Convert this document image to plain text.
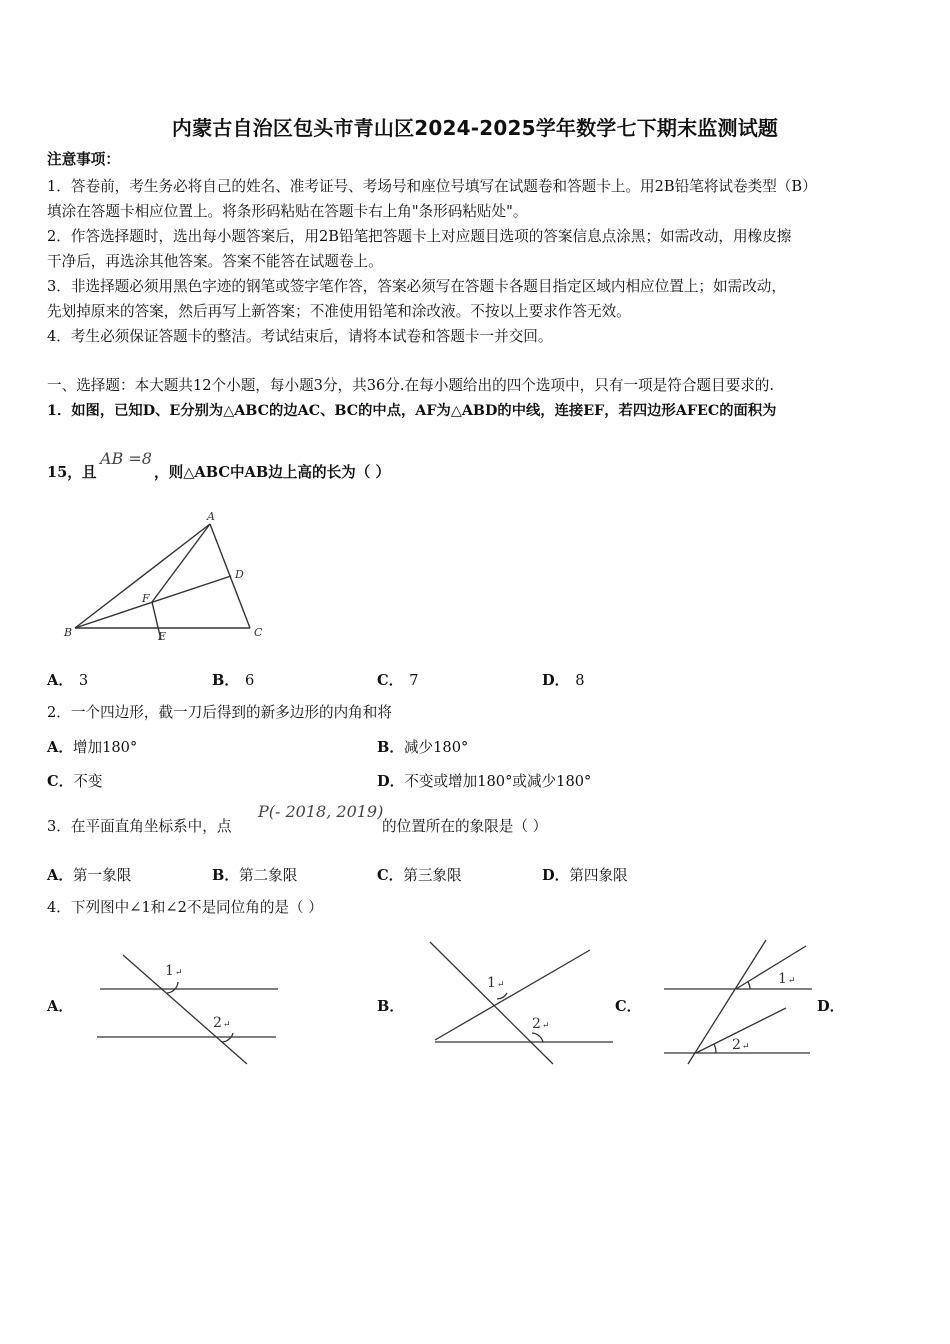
内蒙古自治区包头市青山区2024-2025学年数学七下期末监测试题
注意事项：
1．答卷前，考生务必将自己的姓名、准考证号、考场号和座位号填写在试题卷和答题卡上。用2B铅笔将试卷类型（B）
填涂在答题卡相应位置上。将条形码粘贴在答题卡右上角"条形码粘贴处"。
2．作答选择题时，选出每小题答案后，用2B铅笔把答题卡上对应题目选项的答案信息点涂黑；如需改动，用橡皮擦
干净后，再选涂其他答案。答案不能答在试题卷上。
3．非选择题必须用黑色字迹的钢笔或签字笔作答，答案必须写在答题卡各题目指定区域内相应位置上；如需改动，
先划掉原来的答案，然后再写上新答案；不准使用铅笔和涂改液。不按以上要求作答无效。
4．考生必须保证答题卡的整洁。考试结束后，请将本试卷和答题卡一并交回。
一、选择题：本大题共12个小题，每小题3分，共36分.在每小题给出的四个选项中，只有一项是符合题目要求的.
1．如图，已知D、E分别为△ABC的边AC、BC的中点，AF为△ABD的中线，连接EF，若四边形AFEC的面积为
15，且
AB =8
，则△ABC中AB边上高的长为（ ）
A
B	C
D
E
F
A． 3	B． 6	C． 7	D． 8
2．一个四边形，截一刀后得到的新多边形的内角和将
A．增加180°	B．减少180°
C．不变	D．不变或增加180°或减少180°
3．在平面直角坐标系中，点
P(- 2018, 2019)
的位置所在的象限是（ ）
A．第一象限	B．第二象限	C．第三象限	D．第四象限
4．下列图中∠1和∠2不是同位角的是（ ）
A．	B．	C．	D．
1 ↵
2 ↵
1 ↵
2 ↵
1 ↵
2 ↵
